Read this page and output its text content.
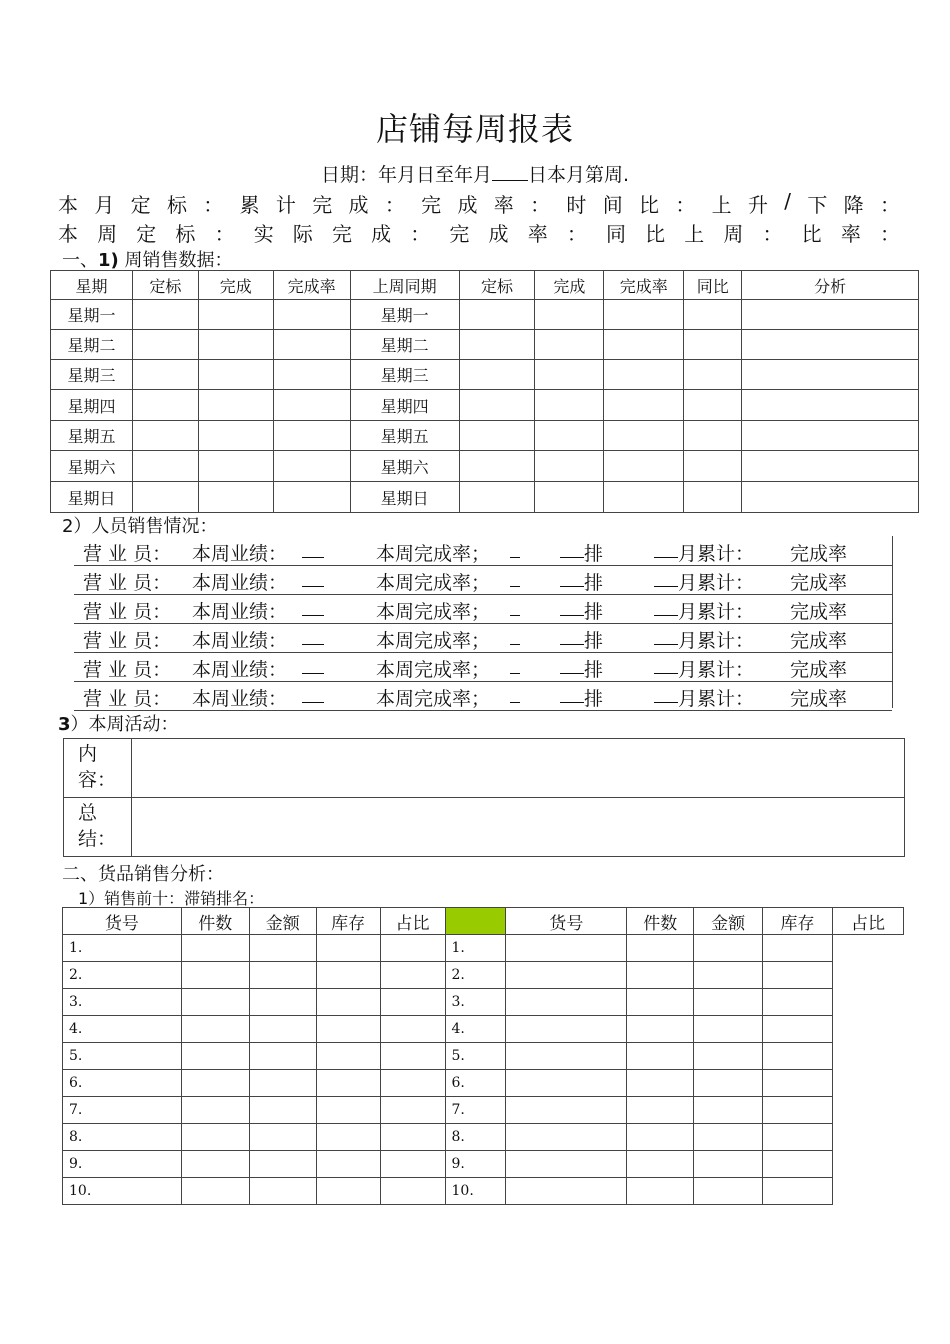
店铺每周报表
日期：年月日至年月 日本月第周.
本 月 定 标 ： 累 计 完 成 ： 完 成 率 ： 时 间 比 ： 上 升 / 下 降 ：
本 周 定 标 ： 实 际 完 成 ： 完 成 率 ： 同 比 上 周 ： 比 率 ：
一、1) 周销售数据：
星期	定标	完成	完成率	上周同期	定标	完成	完成率	同比	分析
星期一				星期一					
星期二				星期二					
星期三				星期三					
星期四				星期四					
星期五				星期五					
星期六				星期六					
星期日				星期日					
2）人员销售情况：
营 业 员： 本周业绩：	本周完成率；	排	月累计： 完成率
营 业 员： 本周业绩：	本周完成率；	排	月累计： 完成率
营 业 员： 本周业绩：	本周完成率；	排	月累计： 完成率
营 业 员： 本周业绩：	本周完成率；	排	月累计： 完成率
营 业 员： 本周业绩：	本周完成率；	排	月累计： 完成率
营 业 员： 本周业绩：	本周完成率；	排	月累计： 完成率
3）本周活动：
内
容：	
总
结：	
二、货品销售分析：
1）销售前十：滞销排名：
货号	件数	金额	库存	占比		货号	件数	金额	库存	占比
1.					1.					
2.					2.					
3.					3.					
4.					4.					
5.					5.					
6.					6.					
7.					7.					
8.					8.					
9.					9.					
10.					10.					
